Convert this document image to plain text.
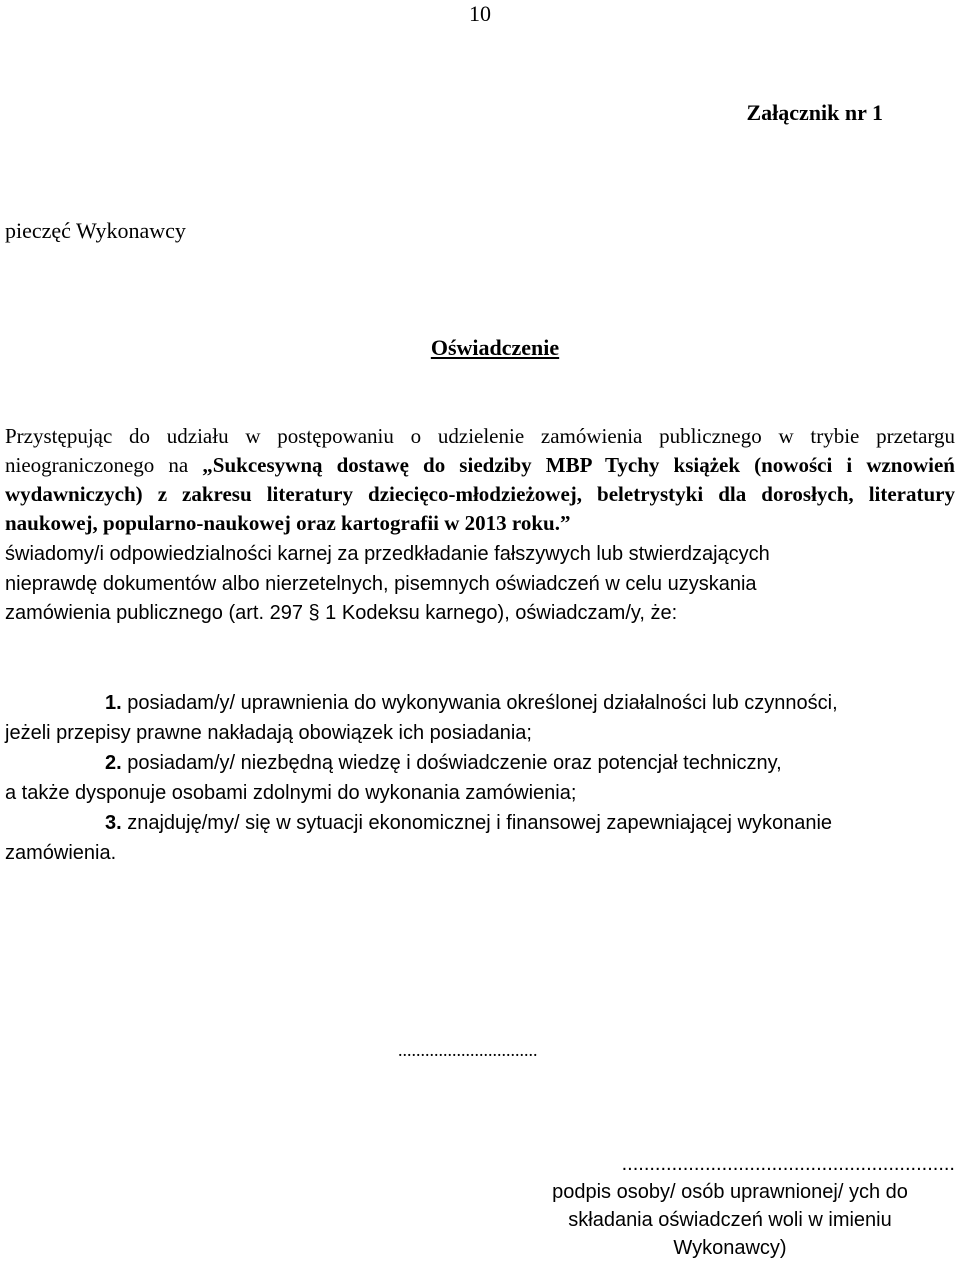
10
Załącznik nr 1
pieczęć Wykonawcy
Oświadczenie
Przystępując do udziału w postępowaniu o udzielenie zamówienia publicznego w trybie przetargu nieograniczonego na „Sukcesywną dostawę do siedziby MBP Tychy książek (nowości i wznowień wydawniczych) z zakresu literatury dziecięco-młodzieżowej, beletrystyki dla dorosłych, literatury naukowej, popularno-naukowej oraz kartografii w 2013 roku.”
świadomy/i odpowiedzialności karnej za przedkładanie fałszywych lub stwierdzających
nieprawdę dokumentów albo nierzetelnych, pisemnych oświadczeń w celu uzyskania
zamówienia publicznego (art. 297 § 1 Kodeksu karnego), oświadczam/y, że:
1. posiadam/y/ uprawnienia do wykonywania określonej działalności lub czynności,
jeżeli przepisy prawne nakładają obowiązek ich posiadania;
2. posiadam/y/ niezbędną wiedzę i doświadczenie oraz potencjał techniczny,
a także dysponuje osobami zdolnymi do wykonania zamówienia;
3. znajduję/my/ się w sytuacji ekonomicznej i finansowej zapewniającej wykonanie
zamówienia.
...............................
............................................................
podpis osoby/ osób uprawnionej/ ych do
składania oświadczeń woli w imieniu
Wykonawcy)
